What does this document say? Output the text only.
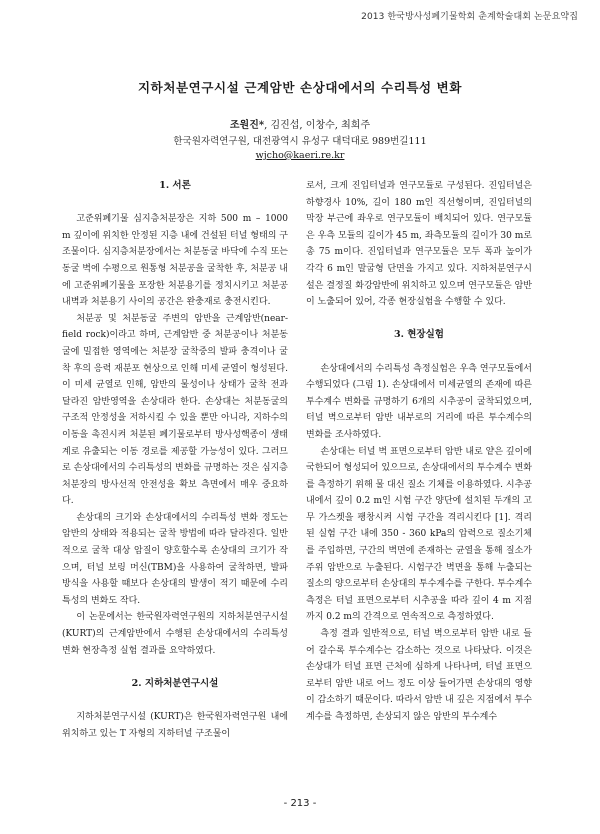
2013 한국방사성폐기물학회 춘계학술대회 논문요약집
지하처분연구시설 근계암반 손상대에서의 수리특성 변화
조원진*, 김진섭, 이창수, 최희주
한국원자력연구원, 대전광역시 유성구 대덕대로 989번길111
wjcho@kaeri.re.kr
1. 서론

고준위폐기물 심지층처분장은 지하 500 m – 1000 m 깊이에 위치한 안정된 지층 내에 건설된 터널 형태의 구조물이다. 심지층처분장에서는 처분동굴 바닥에 수직 또는 동굴 벽에 수평으로 원통형 처분공을 굴착한 후, 처분공 내에 고준위폐기물을 포장한 처분용기를 정치시키고 처분공 내벽과 처분용기 사이의 공간은 완충재로 충전시킨다.

처분공 및 처분동굴 주변의 암반을 근계암반(near-field rock)이라고 하며, 근계암반 중 처분공이나 처분동굴에 밀접한 영역에는 처분장 굴착중의 발파 충격이나 굴착 후의 응력 재분포 현상으로 인해 미세 균열이 형성된다. 이 미세 균열로 인해, 암반의 물성이나 상태가 굴착 전과 달라진 암반영역을 손상대라 한다. 손상대는 처분동굴의 구조적 안정성을 저하시킬 수 있을 뿐만 아니라, 지하수의 이동을 촉진시켜 처분된 폐기물로부터 방사성핵종이 생태계로 유출되는 이동 경로를 제공할 가능성이 있다. 그러므로 손상대에서의 수리특성의 변화를 규명하는 것은 심지층 처분장의 방사선적 안전성을 확보 측면에서 매우 중요하다.

손상대의 크기와 손상대에서의 수리특성 변화 정도는 암반의 상태와 적용되는 굴착 방법에 따라 달라진다. 일반적으로 굴착 대상 암질이 양호할수록 손상대의 크기가 작으며, 터널 보링 머신(TBM)을 사용하여 굴착하면, 발파 방식을 사용할 때보다 손상대의 발생이 적기 때문에 수리특성의 변화도 작다.

이 논문에서는 한국원자력연구원의 지하처분연구시설 (KURT)의 근계암반에서 수행된 손상대에서의 수리특성 변화 현장측정 실험 결과를 요약하였다.

2. 지하처분연구시설

지하처분연구시설 (KURT)은 한국원자력연구원 내에 위치하고 있는 T 자형의 지하터널 구조물이

로서, 크게 진입터널과 연구모듈로 구성된다. 진입터널은 하향경사 10%, 길이 180 m인 직선형이며, 진입터널의 막장 부근에 좌우로 연구모듈이 배치되어 있다. 연구모듈은 우측 모듈의 길이가 45 m, 좌측모듈의 길이가 30 m로 총 75 m이다. 진입터널과 연구모듈은 모두 폭과 높이가 각각 6 m인 말굽형 단면을 가지고 있다. 지하처분연구시설은 결정질 화강암반에 위치하고 있으며 연구모듈은 암반이 노출되어 있어, 각종 현장실험을 수행할 수 있다.

3. 현장실험

손상대에서의 수리특성 측정실험은 우측 연구모듈에서 수행되었다 (그림 1). 손상대에서 미세균열의 존재에 따른 투수계수 변화를 규명하기 6개의 시추공이 굴착되었으며, 터널 벽으로부터 암반 내부로의 거리에 따른 투수계수의 변화를 조사하였다.

손상대는 터널 벽 표면으로부터 암반 내로 얕은 깊이에 국한되어 형성되어 있으므로, 손상대에서의 투수계수 변화를 측정하기 위해 물 대신 질소 기체를 이용하였다. 시추공 내에서 깊이 0.2 m인 시험 구간 양단에 설치된 두개의 고무 가스켓을 팽창시켜 시험 구간을 격리시킨다 [1]. 격리된 실험 구간 내에 350 - 360 kPa의 압력으로 질소기체를 주입하면, 구간의 벽면에 존재하는 균열을 통해 질소가 주위 암반으로 누출된다. 시험구간 벽면을 통해 누출되는 질소의 양으로부터 손상대의 투수계수를 구한다. 투수계수 측정은 터널 표면으로부터 시추공을 따라 깊이 4 m 지점까지 0.2 m의 간격으로 연속적으로 측정하였다.

측정 결과 일반적으로, 터널 벽으로부터 암반 내로 들어 갈수록 투수계수는 감소하는 것으로 나타났다. 이것은 손상대가 터널 표면 근처에 심하게 나타나며, 터널 표면으로부터 암반 내로 어느 정도 이상 들어가면 손상대의 영향이 감소하기 때문이다. 따라서 암반 내 깊은 지점에서 투수계수를 측정하면, 손상되지 않은 암반의 투수계수

- 213 -
